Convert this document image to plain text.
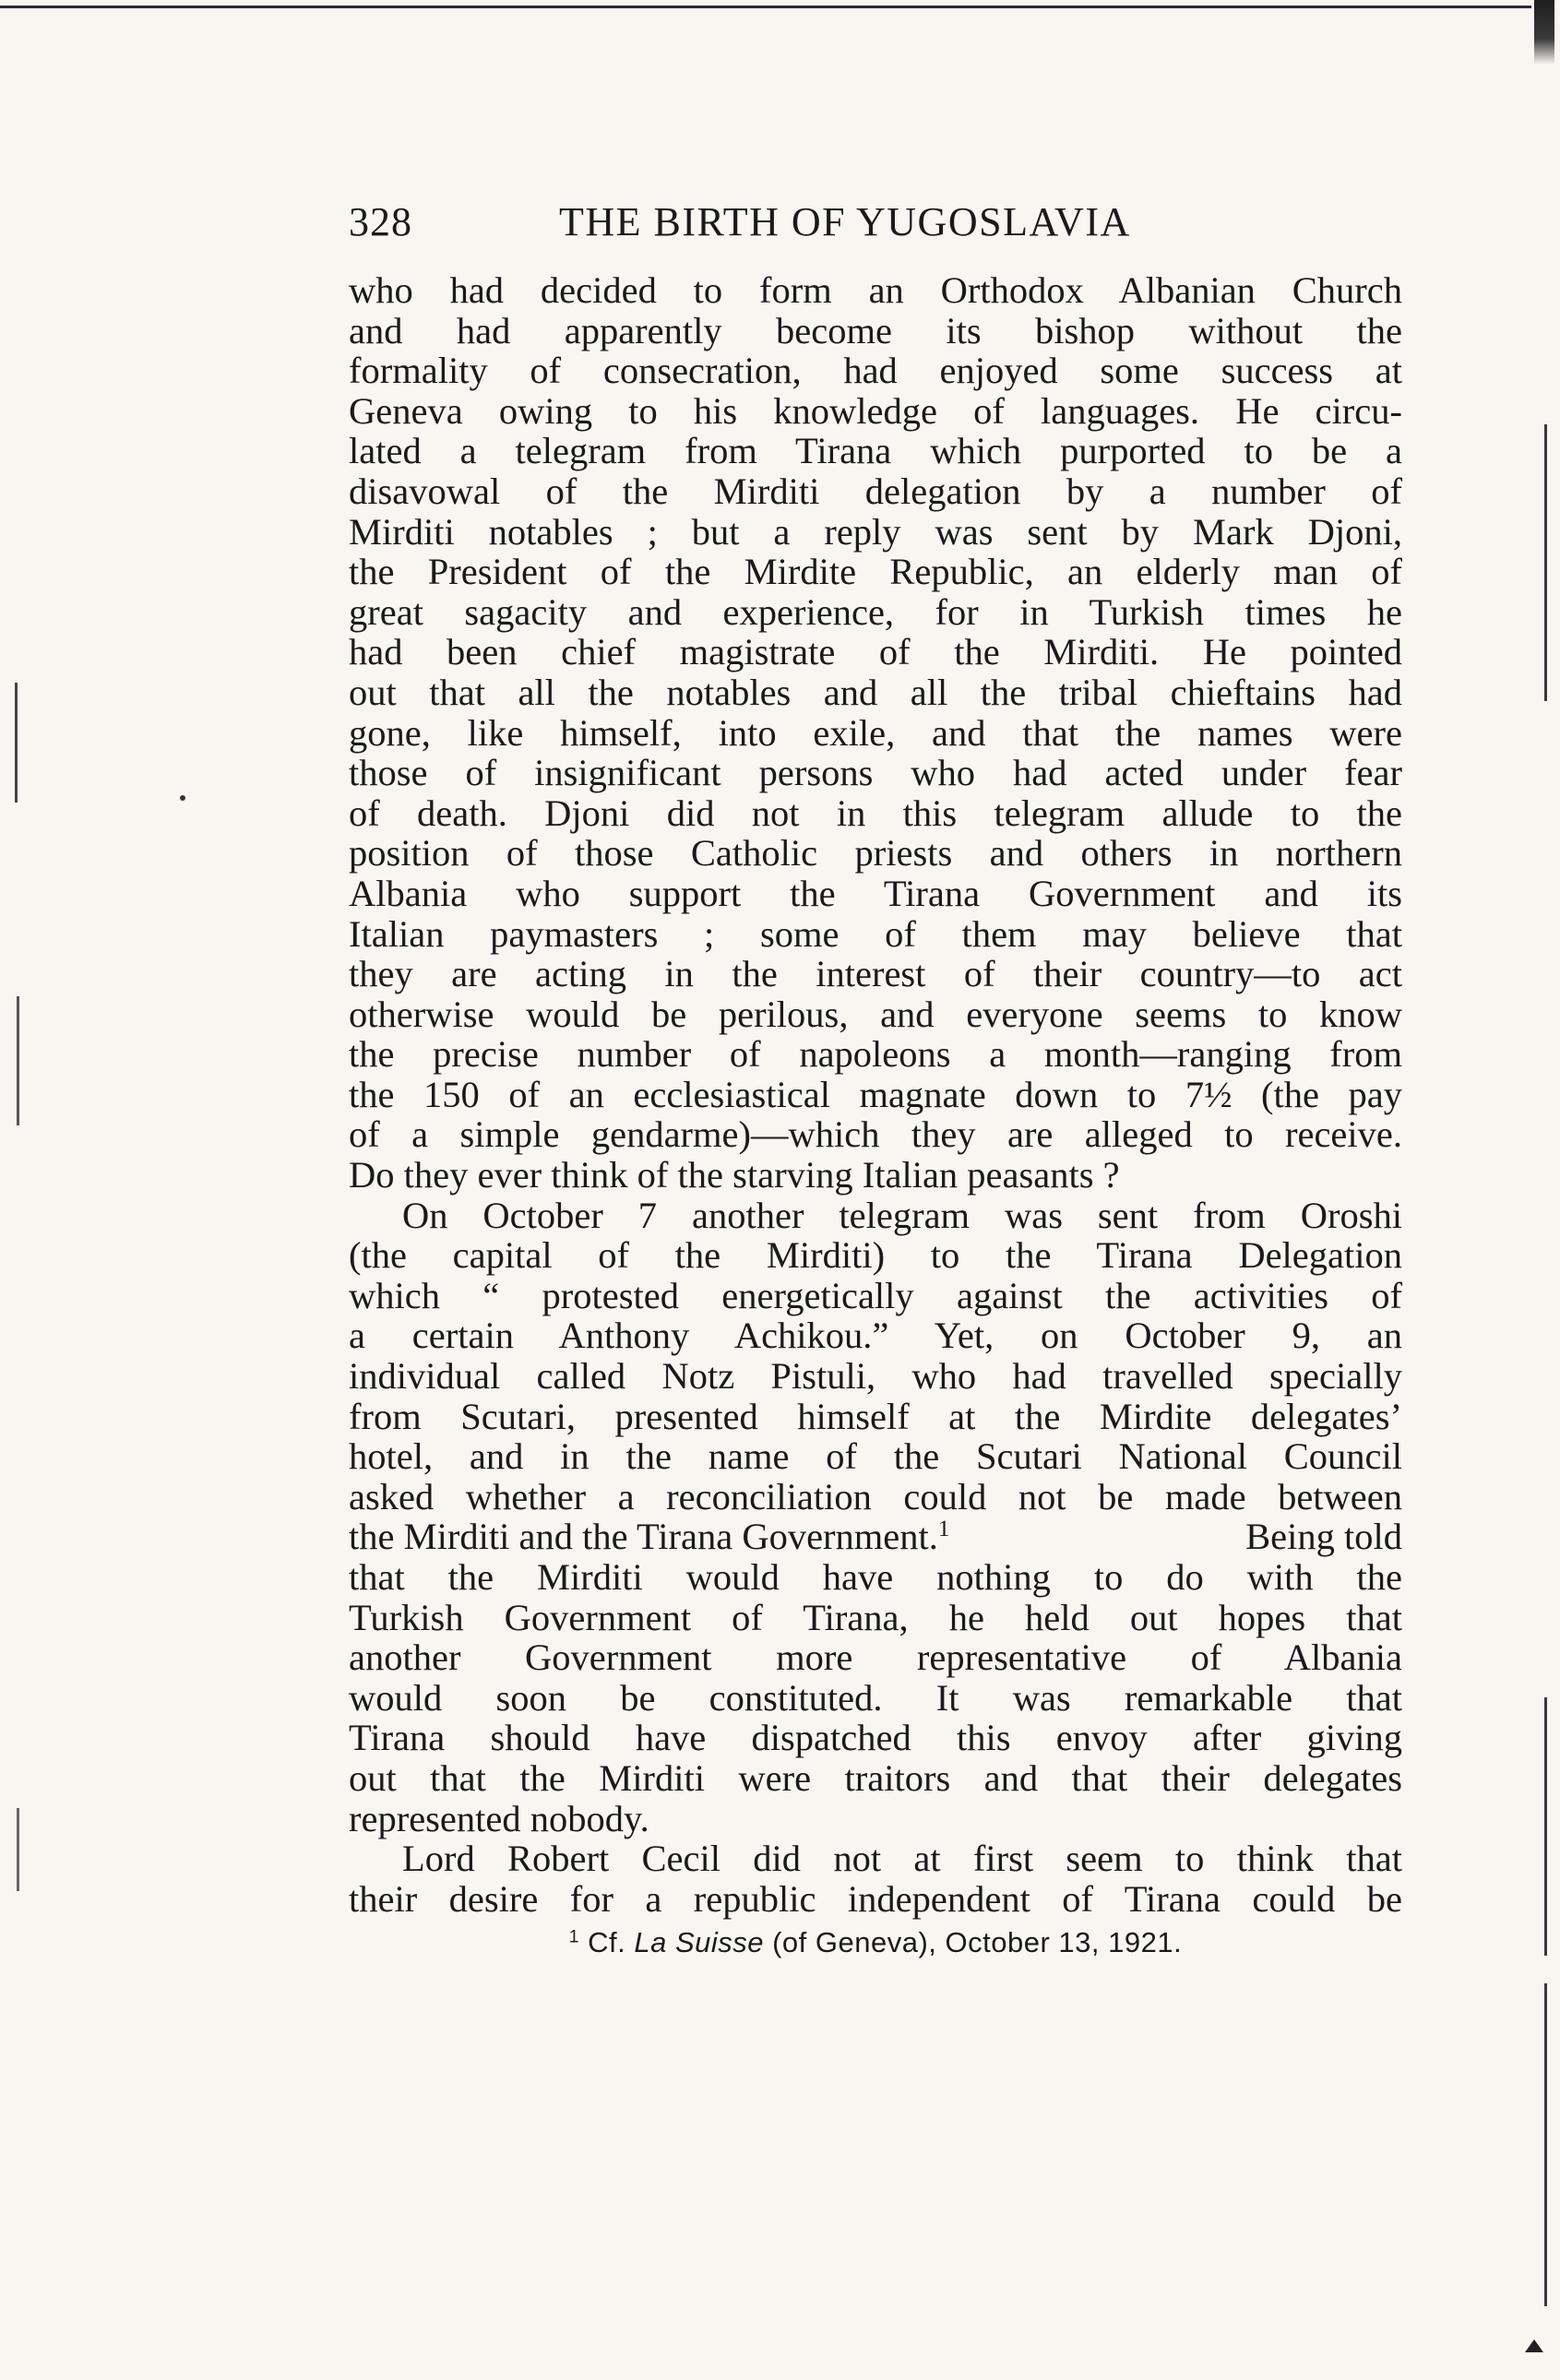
328	THE BIRTH OF YUGOSLAVIA
who had decided to form an Orthodox Albanian Church
and had apparently become its bishop without the
formality of consecration, had enjoyed some success at
Geneva owing to his knowledge of languages. He circu-
lated a telegram from Tirana which purported to be a
disavowal of the Mirditi delegation by a number of
Mirditi notables ; but a reply was sent by Mark Djoni,
the President of the Mirdite Republic, an elderly man of
great sagacity and experience, for in Turkish times he
had been chief magistrate of the Mirditi. He pointed
out that all the notables and all the tribal chieftains had
gone, like himself, into exile, and that the names were
those of insignificant persons who had acted under fear
of death. Djoni did not in this telegram allude to the
position of those Catholic priests and others in northern
Albania who support the Tirana Government and its
Italian paymasters ; some of them may believe that
they are acting in the interest of their country—to act
otherwise would be perilous, and everyone seems to know
the precise number of napoleons a month—ranging from
the 150 of an ecclesiastical magnate down to 7½ (the pay
of a simple gendarme)—which they are alleged to receive.
Do they ever think of the starving Italian peasants ?
On October 7 another telegram was sent from Oroshi
(the capital of the Mirditi) to the Tirana Delegation
which “ protested energetically against the activities of
a certain Anthony Achikou.” Yet, on October 9, an
individual called Notz Pistuli, who had travelled specially
from Scutari, presented himself at the Mirdite delegates’
hotel, and in the name of the Scutari National Council
asked whether a reconciliation could not be made between
the Mirditi and the Tirana Government.$^1$	Being told
that the Mirditi would have nothing to do with the
Turkish Government of Tirana, he held out hopes that
another Government more representative of Albania
would soon be constituted. It was remarkable that
Tirana should have dispatched this envoy after giving
out that the Mirditi were traitors and that their delegates
represented nobody.
Lord Robert Cecil did not at first seem to think that
their desire for a republic independent of Tirana could be
$^1$ Cf. La Suisse (of Geneva), October 13, 1921.
